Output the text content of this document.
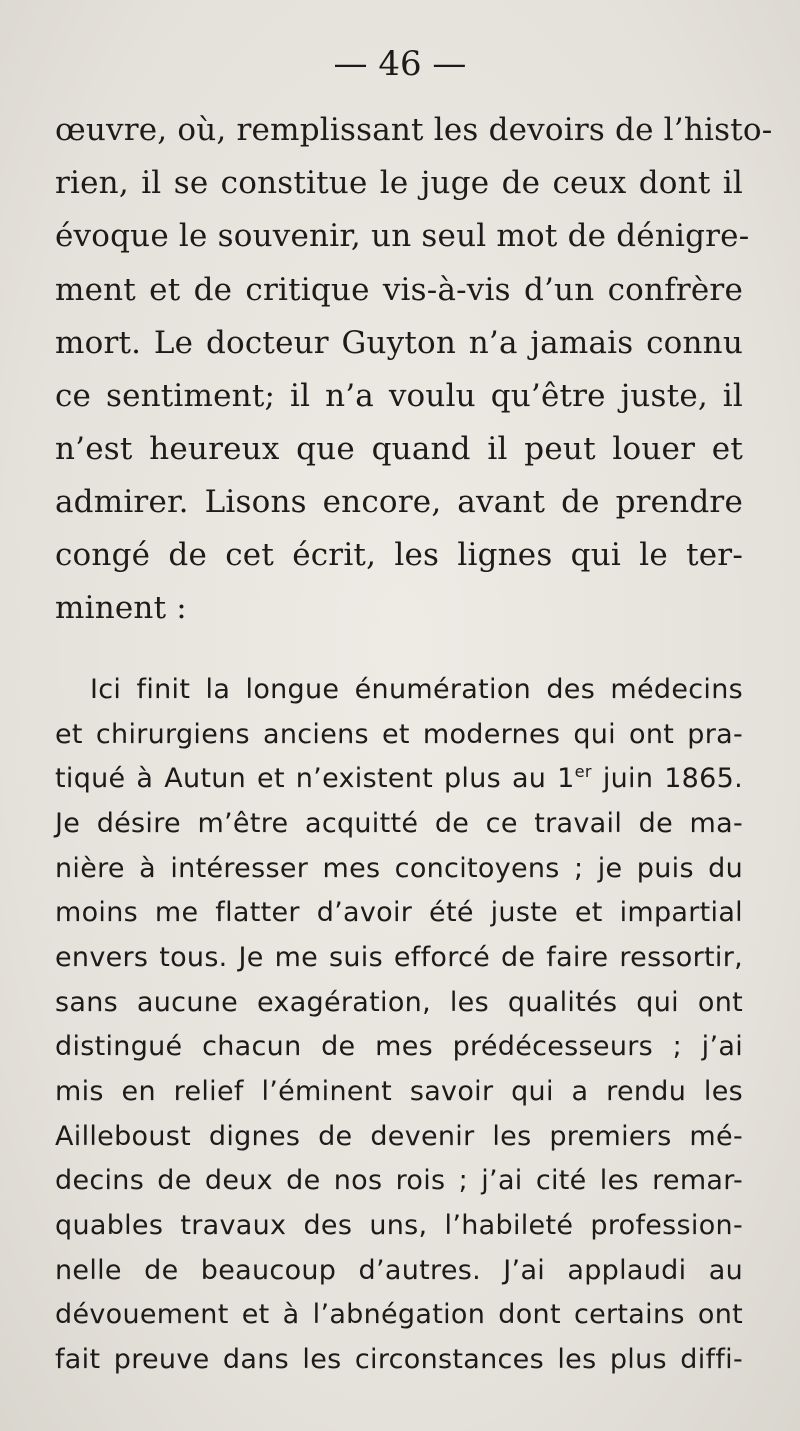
— 46 —
œuvre, où, remplissant les devoirs de l’histo-
rien, il se constitue le juge de ceux dont il
évoque le souvenir, un seul mot de dénigre-
ment et de critique vis-à-vis d’un confrère
mort. Le docteur Guyton n’a jamais connu
ce sentiment; il n’a voulu qu’être juste, il
n’est heureux que quand il peut louer et
admirer. Lisons encore, avant de prendre
congé de cet écrit, les lignes qui le ter-
minent :
Ici finit la longue énumération des médecins
et chirurgiens anciens et modernes qui ont pra-
tiqué à Autun et n’existent plus au 1er juin 1865.
Je désire m’être acquitté de ce travail de ma-
nière à intéresser mes concitoyens ; je puis du
moins me flatter d’avoir été juste et impartial
envers tous. Je me suis efforcé de faire ressortir,
sans aucune exagération, les qualités qui ont
distingué chacun de mes prédécesseurs ; j’ai
mis en relief l’éminent savoir qui a rendu les
Ailleboust dignes de devenir les premiers mé-
decins de deux de nos rois ; j’ai cité les remar-
quables travaux des uns, l’habileté profession-
nelle de beaucoup d’autres. J’ai applaudi au
dévouement et à l’abnégation dont certains ont
fait preuve dans les circonstances les plus diffi-
